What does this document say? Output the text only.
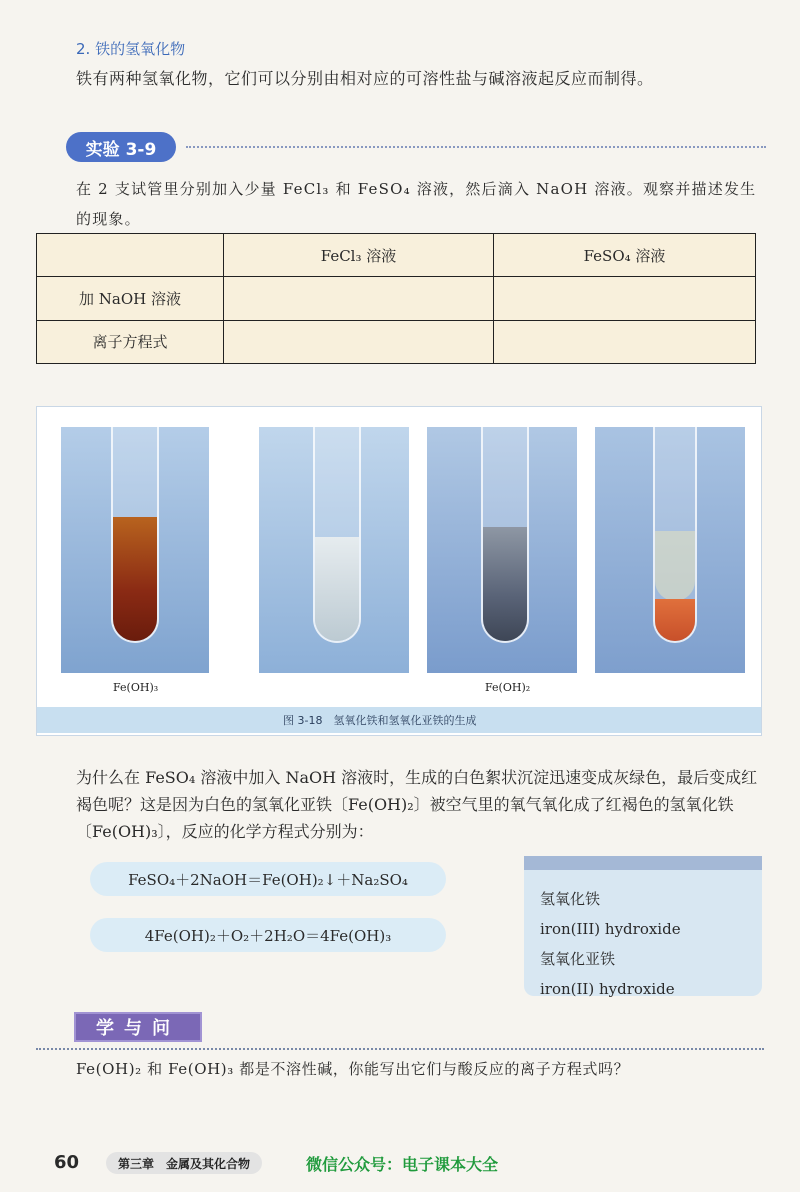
2. 铁的氢氧化物
铁有两种氢氧化物，它们可以分别由相对应的可溶性盐与碱溶液起反应而制得。
实验 3-9
在 2 支试管里分别加入少量 FeCl₃ 和 FeSO₄ 溶液，然后滴入 NaOH 溶液。观察并描述发生的现象。
	FeCl₃ 溶液	FeSO₄ 溶液
加 NaOH 溶液		
离子方程式		
Fe(OH)₃	Fe(OH)₂
图 3-18　氢氧化铁和氢氧化亚铁的生成
为什么在 FeSO₄ 溶液中加入 NaOH 溶液时，生成的白色絮状沉淀迅速变成灰绿色，最后变成红褐色呢？这是因为白色的氢氧化亚铁〔Fe(OH)₂〕被空气里的氧气氧化成了红褐色的氢氧化铁〔Fe(OH)₃〕，反应的化学方程式分别为：
FeSO₄＋2NaOH＝Fe(OH)₂↓＋Na₂SO₄
4Fe(OH)₂＋O₂＋2H₂O＝4Fe(OH)₃
氢氧化铁
iron(III) hydroxide
氢氧化亚铁
iron(II) hydroxide
学与问
Fe(OH)₂ 和 Fe(OH)₃ 都是不溶性碱，你能写出它们与酸反应的离子方程式吗？
60	第三章　金属及其化合物	微信公众号：电子课本大全
